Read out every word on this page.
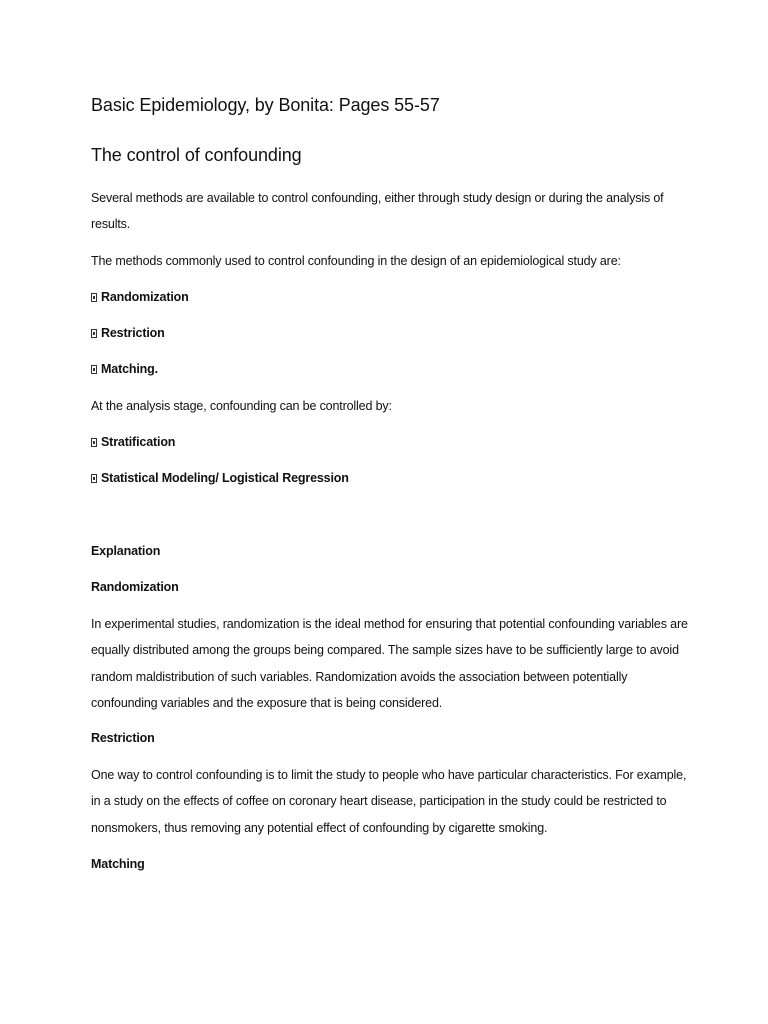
Basic Epidemiology, by Bonita: Pages 55-57
The control of confounding
Several methods are available to control confounding, either through study design or during the analysis of results.
The methods commonly used to control confounding in the design of an epidemiological study are:
Randomization
Restriction
Matching.
At the analysis stage, confounding can be controlled by:
Stratification
Statistical Modeling/ Logistical Regression
Explanation
Randomization
In experimental studies, randomization is the ideal method for ensuring that potential confounding variables are equally distributed among the groups being compared. The sample sizes have to be sufficiently large to avoid random maldistribution of such variables. Randomization avoids the association between potentially confounding variables and the exposure that is being considered.
Restriction
One way to control confounding is to limit the study to people who have particular characteristics. For example, in a study on the effects of coffee on coronary heart disease, participation in the study could be restricted to nonsmokers, thus removing any potential effect of confounding by cigarette smoking.
Matching
